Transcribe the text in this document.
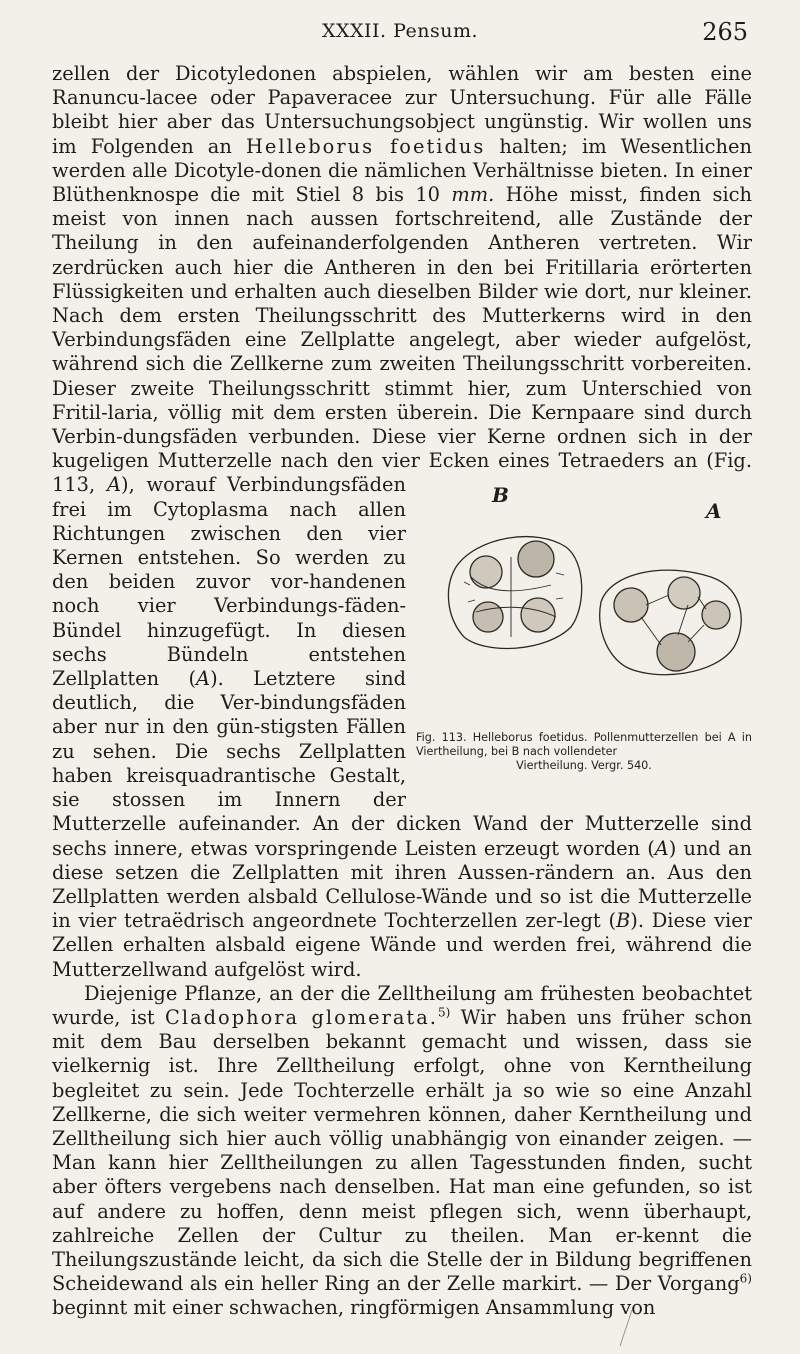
XXXII. Pensum.	265

zellen der Dicotyledonen abspielen, wählen wir am besten eine Ranuncu-lacee oder Papaveracee zur Untersuchung. Für alle Fälle bleibt hier aber das Untersuchungsobject ungünstig. Wir wollen uns im Folgenden an Helleborus foetidus halten; im Wesentlichen werden alle Dicotyle-donen die nämlichen Verhältnisse bieten. In einer Blüthenknospe die mit Stiel 8 bis 10 mm. Höhe misst, finden sich meist von innen nach aussen fortschreitend, alle Zustände der Theilung in den aufeinanderfolgenden Antheren vertreten. Wir zerdrücken auch hier die Antheren in den bei Fritillaria erörterten Flüssigkeiten und erhalten auch dieselben Bilder wie dort, nur kleiner. Nach dem ersten Theilungsschritt des Mutterkerns wird in den Verbindungsfäden eine Zellplatte angelegt, aber wieder aufgelöst, während sich die Zellkerne zum zweiten Theilungsschritt vorbereiten. Dieser zweite Theilungsschritt stimmt hier, zum Unterschied von Fritil-laria, völlig mit dem ersten überein. Die Kernpaare sind durch Verbin-dungsfäden verbunden. Diese vier Kerne ordnen sich in der kugeligen Mutterzelle nach den vier Ecken eines Tetraeders an (Fig. 113,	B
A
Fig. 113. Helleborus foetidus. Pollenmutterzellen bei A in Viertheilung, bei B nach vollendeter
Viertheilung. Vergr. 540.
A), worauf Verbindungsfäden frei im Cytoplasma nach allen Richtungen zwischen den vier Kernen entstehen. So werden zu den beiden zuvor vor-handenen noch vier Verbindungs-fäden-Bündel hinzugefügt. In diesen sechs Bündeln entstehen Zellplatten (A). Letztere sind deutlich, die Ver-bindungsfäden aber nur in den gün-stigsten Fällen zu sehen. Die sechs Zellplatten haben kreisquadrantische Gestalt, sie stossen im Innern der Mutterzelle aufeinander. An der dicken Wand der Mutterzelle sind sechs innere, etwas vorspringende Leisten erzeugt worden (A) und an diese setzen die Zellplatten mit ihren Aussen-rändern an. Aus den Zellplatten werden alsbald Cellulose-Wände und so ist die Mutterzelle in vier tetraëdrisch angeordnete Tochterzellen zer-legt (B). Diese vier Zellen erhalten alsbald eigene Wände und werden frei, während die Mutterzellwand aufgelöst wird.

Diejenige Pflanze, an der die Zelltheilung am frühesten beobachtet wurde, ist Cladophora glomerata.$^{5)}$ Wir haben uns früher schon mit dem Bau derselben bekannt gemacht und wissen, dass sie vielkernig ist. Ihre Zelltheilung erfolgt, ohne von Kerntheilung begleitet zu sein. Jede Tochterzelle erhält ja so wie so eine Anzahl Zellkerne, die sich weiter vermehren können, daher Kerntheilung und Zelltheilung sich hier auch völlig unabhängig von einander zeigen. — Man kann hier Zelltheilungen zu allen Tagesstunden finden, sucht aber öfters vergebens nach denselben. Hat man eine gefunden, so ist auf andere zu hoffen, denn meist pflegen sich, wenn überhaupt, zahlreiche Zellen der Cultur zu theilen. Man er-kennt die Theilungszustände leicht, da sich die Stelle der in Bildung begriffenen Scheidewand als ein heller Ring an der Zelle markirt. — Der Vorgang$^{6)}$ beginnt mit einer schwachen, ringförmigen Ansammlung von
